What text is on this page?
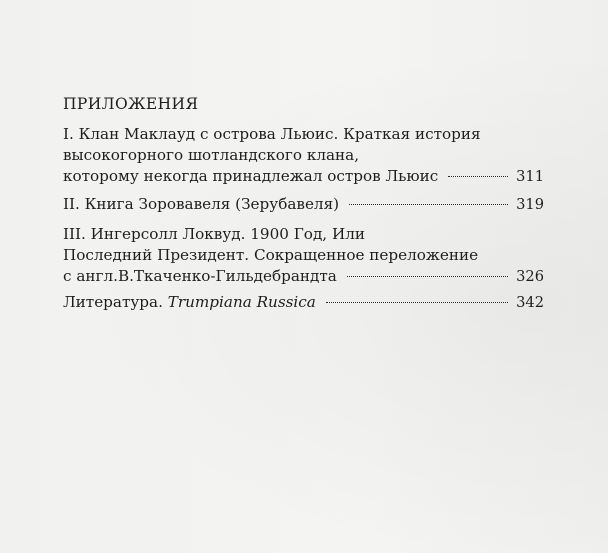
ПРИЛОЖЕНИЯ
I. Клан Маклауд с острова Льюис. Краткая история
высокогорного шотландского клана,
которому некогда принадлежал остров Льюис	311
II. Книга Зоровавеля (Зерубавеля)	319
III. Ингерсолл Локвуд. 1900 Год, Или
Последний Президент. Сокращенное переложение
с англ.В.Ткаченко-Гильдебрандта	326
Литература. Trumpiana Russica	342
